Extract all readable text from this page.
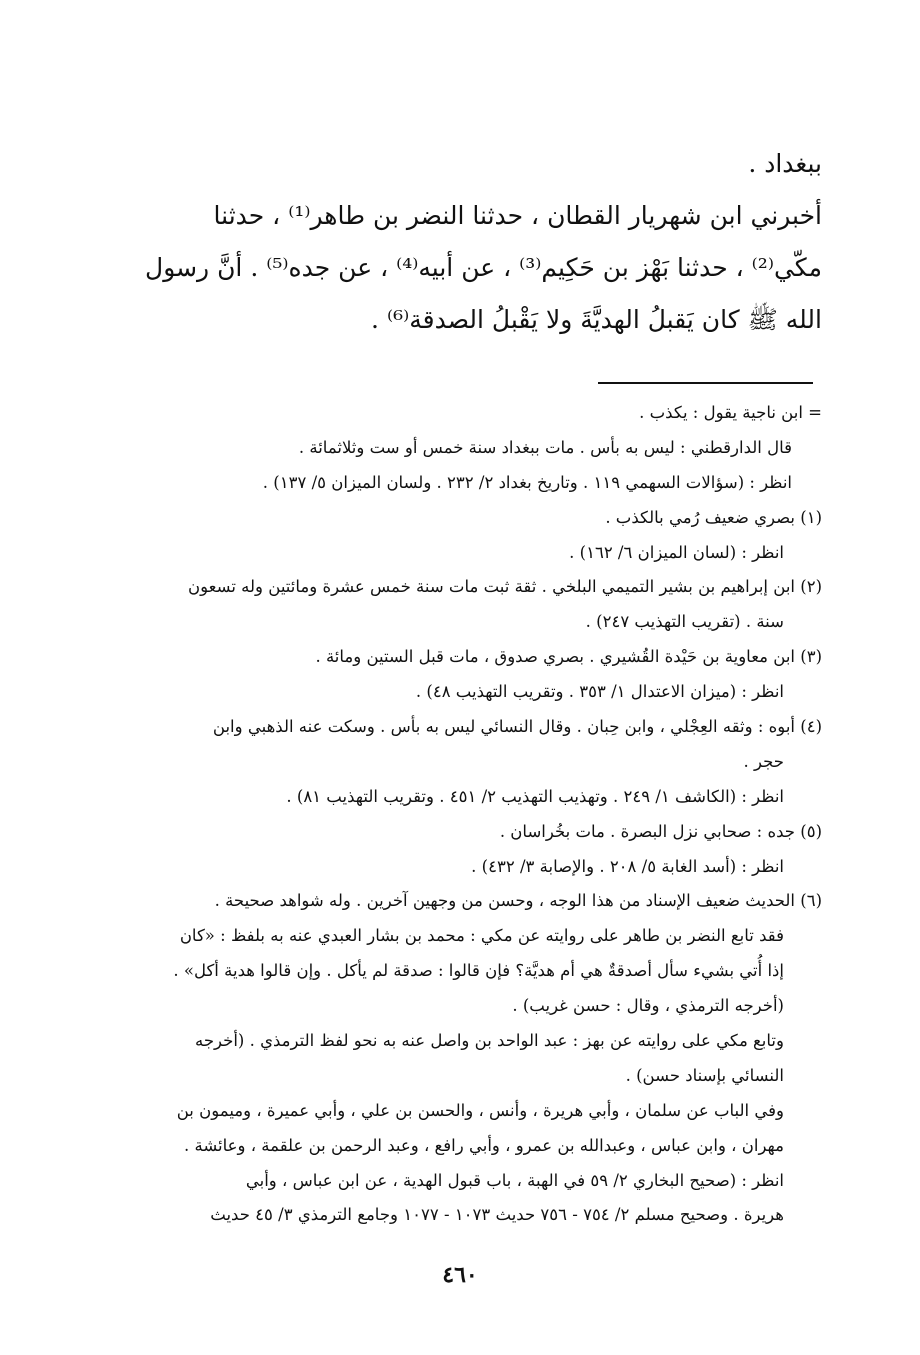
ببغداد .

أخبرني ابن شهريار القطان ، حدثنا النضر بن طاهر⁽¹⁾ ، حدثنا

مكّي⁽²⁾ ، حدثنا بَهْز بن حَكِيم⁽³⁾ ، عن أبيه⁽⁴⁾ ، عن جده⁽⁵⁾ . أنَّ رسول

الله ﷺ كان يَقبلُ الهديَّةَ ولا يَقْبلُ الصدقة⁽⁶⁾ .

= ابن ناجية يقول : يكذب .
قال الدارقطني : ليس به بأس . مات ببغداد سنة خمس أو ست وثلاثمائة .
انظر : (سؤالات السهمي ١١٩ . وتاريخ بغداد ٢/ ٢٣٢ . ولسان الميزان ٥/ ١٣٧) .
(١) بصري ضعيف رُمي بالكذب .
انظر : (لسان الميزان ٦/ ١٦٢) .
(٢) ابن إبراهيم بن بشير التميمي البلخي . ثقة ثبت مات سنة خمس عشرة ومائتين وله تسعون
سنة . (تقريب التهذيب ٢٤٧) .
(٣) ابن معاوية بن حَيْدة القُشيري . بصري صدوق ، مات قبل الستين ومائة .
انظر : (ميزان الاعتدال ١/ ٣٥٣ . وتقريب التهذيب ٤٨) .
(٤) أبوه : وثقه العِجْلي ، وابن حِبان . وقال النسائي ليس به بأس . وسكت عنه الذهبي وابن
حجر .
انظر : (الكاشف ١/ ٢٤٩ . وتهذيب التهذيب ٢/ ٤٥١ . وتقريب التهذيب ٨١) .
(٥) جده : صحابي نزل البصرة . مات بخُراسان .
انظر : (أسد الغابة ٥/ ٢٠٨ . والإصابة ٣/ ٤٣٢) .
(٦) الحديث ضعيف الإسناد من هذا الوجه ، وحسن من وجهين آخرين . وله شواهد صحيحة .
فقد تابع النضر بن طاهر على روايته عن مكي : محمد بن بشار العبدي عنه به بلفظ : «كان
إذا أُتي بشيء سأل أصدقةٌ هي أم هديَّة؟ فإن قالوا : صدقة لم يأكل . وإن قالوا هدية أكل» .
(أخرجه الترمذي ، وقال : حسن غريب) .
وتابع مكي على روايته عن بهز : عبد الواحد بن واصل عنه به نحو لفظ الترمذي . (أخرجه
النسائي بإسناد حسن) .
وفي الباب عن سلمان ، وأبي هريرة ، وأنس ، والحسن بن علي ، وأبي عميرة ، وميمون بن
مهران ، وابن عباس ، وعبدالله بن عمرو ، وأبي رافع ، وعبد الرحمن بن علقمة ، وعائشة .
انظر : (صحيح البخاري ٢/ ٥٩ في الهبة ، باب قبول الهدية ، عن ابن عباس ، وأبي
هريرة . وصحيح مسلم ٢/ ٧٥٤ - ٧٥٦ حديث ١٠٧٣ - ١٠٧٧ وجامع الترمذي ٣/ ٤٥ حديث
٤٦٠
